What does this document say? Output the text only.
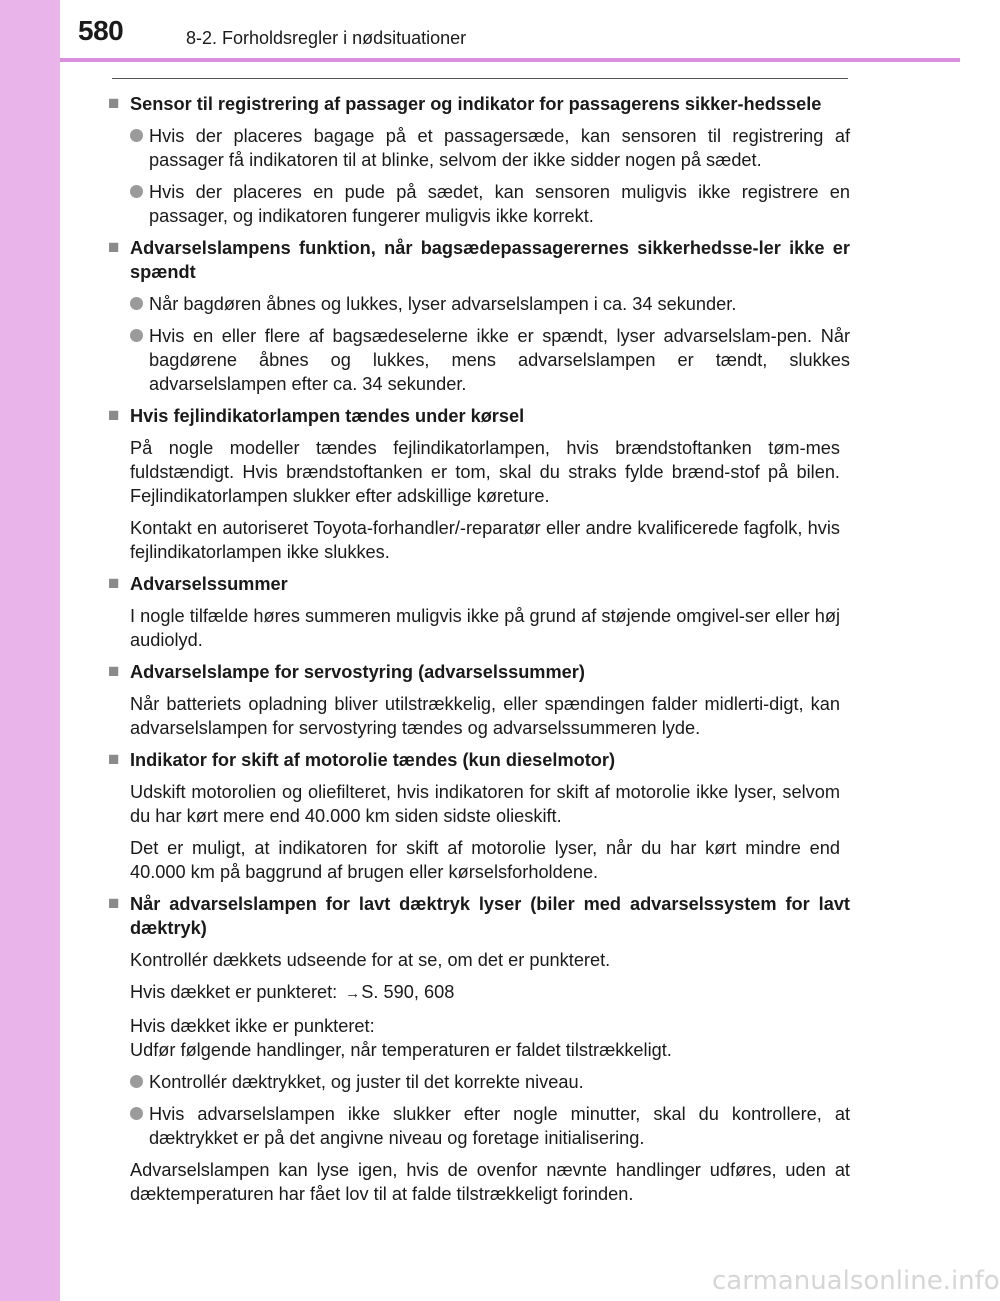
580	8-2. Forholdsregler i nødsituationer
■ Sensor til registrering af passager og indikator for passagerens sikker-hedssele
Hvis der placeres bagage på et passagersæde, kan sensoren til registrering af passager få indikatoren til at blinke, selvom der ikke sidder nogen på sædet.
Hvis der placeres en pude på sædet, kan sensoren muligvis ikke registrere en passager, og indikatoren fungerer muligvis ikke korrekt.
■ Advarselslampens funktion, når bagsædepassagerernes sikkerhedsse-ler ikke er spændt
Når bagdøren åbnes og lukkes, lyser advarselslampen i ca. 34 sekunder.
Hvis en eller flere af bagsædeselerne ikke er spændt, lyser advarselslam-pen. Når bagdørene åbnes og lukkes, mens advarselslampen er tændt, slukkes advarselslampen efter ca. 34 sekunder.
■ Hvis fejlindikatorlampen tændes under kørsel
På nogle modeller tændes fejlindikatorlampen, hvis brændstoftanken tøm-mes fuldstændigt. Hvis brændstoftanken er tom, skal du straks fylde brænd-stof på bilen. Fejlindikatorlampen slukker efter adskillige køreture.
Kontakt en autoriseret Toyota-forhandler/-reparatør eller andre kvalificerede fagfolk, hvis fejlindikatorlampen ikke slukkes.
■ Advarselssummer
I nogle tilfælde høres summeren muligvis ikke på grund af støjende omgivel-ser eller høj audiolyd.
■ Advarselslampe for servostyring (advarselssummer)
Når batteriets opladning bliver utilstrækkelig, eller spændingen falder midlerti-digt, kan advarselslampen for servostyring tændes og advarselssummeren lyde.
■ Indikator for skift af motorolie tændes (kun dieselmotor)
Udskift motorolien og oliefilteret, hvis indikatoren for skift af motorolie ikke lyser, selvom du har kørt mere end 40.000 km siden sidste olieskift.
Det er muligt, at indikatoren for skift af motorolie lyser, når du har kørt mindre end 40.000 km på baggrund af brugen eller kørselsforholdene.
■ Når advarselslampen for lavt dæktryk lyser (biler med advarselssystem for lavt dæktryk)
Kontrollér dækkets udseende for at se, om det er punkteret.
Hvis dækket er punkteret: →S. 590, 608
Hvis dækket ikke er punkteret:
Udfør følgende handlinger, når temperaturen er faldet tilstrækkeligt.
Kontrollér dæktrykket, og juster til det korrekte niveau.
Hvis advarselslampen ikke slukker efter nogle minutter, skal du kontrollere, at dæktrykket er på det angivne niveau og foretage initialisering.
Advarselslampen kan lyse igen, hvis de ovenfor nævnte handlinger udføres, uden at dæktemperaturen har fået lov til at falde tilstrækkeligt forinden.
carmanualsonline.info
